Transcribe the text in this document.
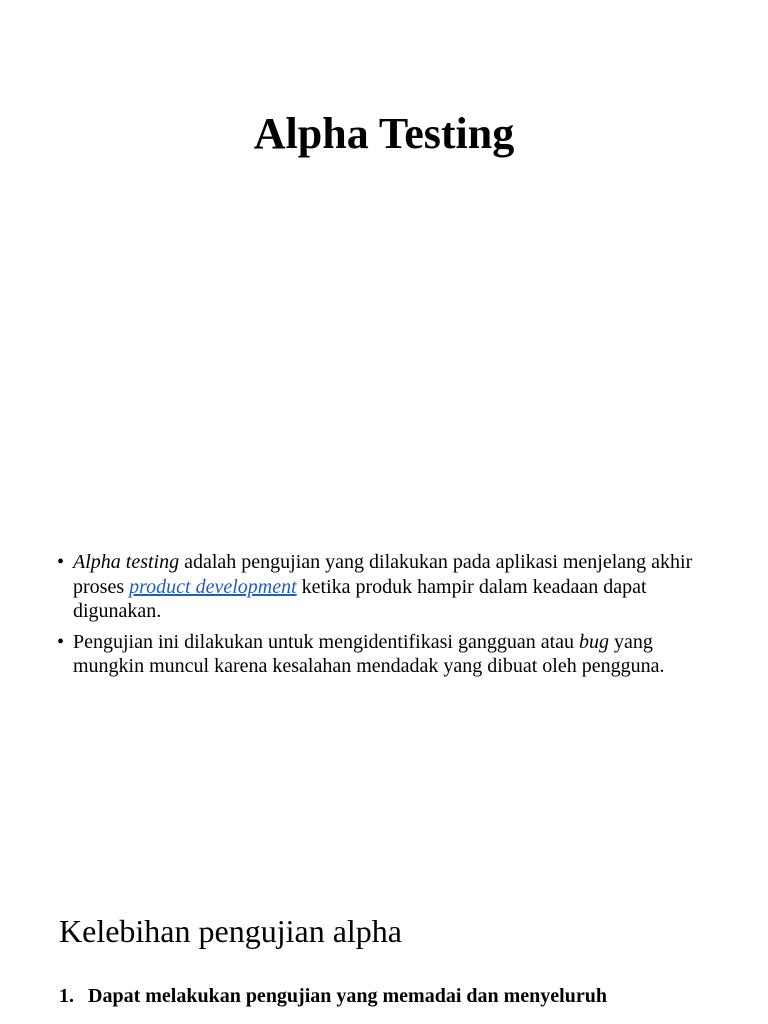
Alpha Testing
• Alpha testing adalah pengujian yang dilakukan pada aplikasi menjelang akhir proses product development ketika produk hampir dalam keadaan dapat digunakan.
• Pengujian ini dilakukan untuk mengidentifikasi gangguan atau bug yang mungkin muncul karena kesalahan mendadak yang dibuat oleh pengguna.
Kelebihan pengujian alpha
1. Dapat melakukan pengujian yang memadai dan menyeluruh
